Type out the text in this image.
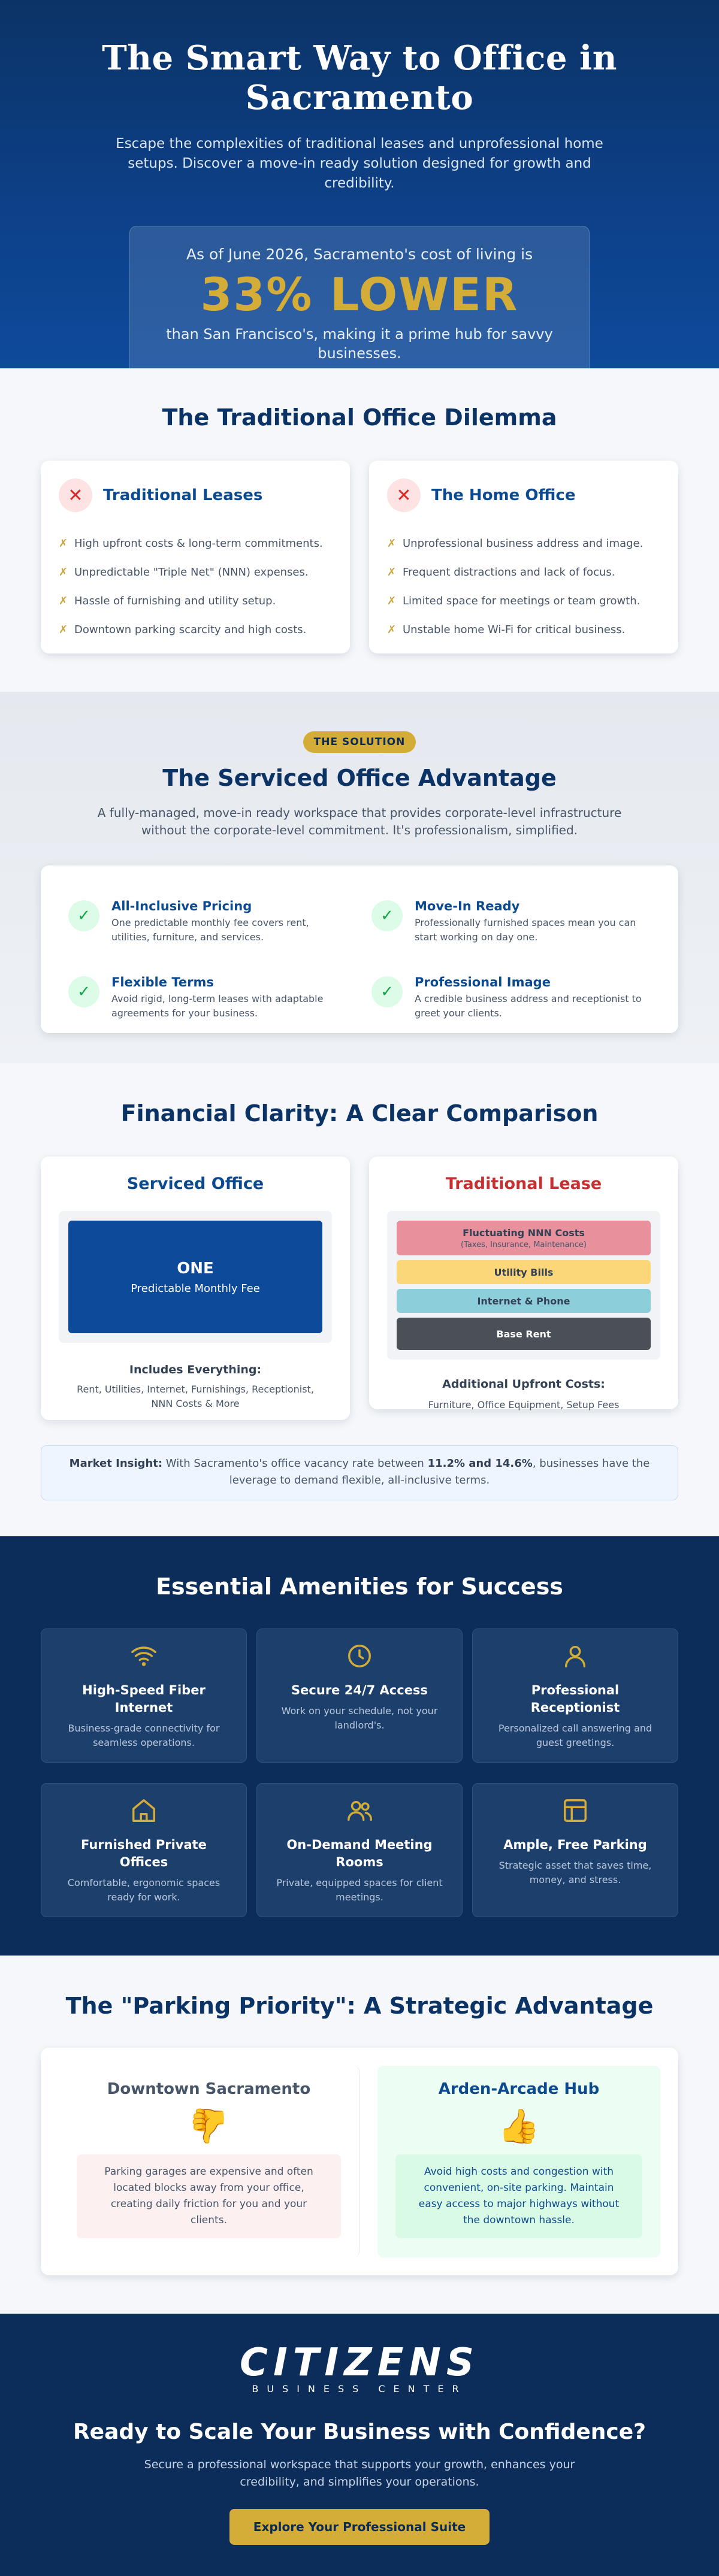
The Smart Way to Office in Sacramento

Escape the complexities of traditional leases and unprofessional home setups. Discover a move-in ready solution designed for growth and credibility.

As of June 2026, Sacramento's cost of living is
33% LOWER
than San Francisco's, making it a prime hub for savvy businesses.
The Traditional Office Dilemma
✕	Traditional Leases
✗ High upfront costs & long-term commitments.
✗ Unpredictable "Triple Net" (NNN) expenses.
✗ Hassle of furnishing and utility setup.
✗ Downtown parking scarcity and high costs.
✕	The Home Office
✗ Unprofessional business address and image.
✗ Frequent distractions and lack of focus.
✗ Limited space for meetings or team growth.
✗ Unstable home Wi-Fi for critical business.
THE SOLUTION
The Serviced Office Advantage

A fully-managed, move-in ready workspace that provides corporate-level infrastructure without the corporate-level commitment. It's professionalism, simplified.

✓
All-Inclusive Pricing

One predictable monthly fee covers rent, utilities, furniture, and services.

✓
Move-In Ready

Professionally furnished spaces mean you can start working on day one.

✓
Flexible Terms

Avoid rigid, long-term leases with adaptable agreements for your business.

✓
Professional Image

A credible business address and receptionist to greet your clients.

Financial Clarity: A Clear Comparison
Serviced Office
ONE
Predictable Monthly Fee
Includes Everything:
Rent, Utilities, Internet, Furnishings, Receptionist, NNN Costs & More
Traditional Lease
Fluctuating NNN Costs
(Taxes, Insurance, Maintenance)
Utility Bills
Internet & Phone
Base Rent
Additional Upfront Costs:
Furniture, Office Equipment, Setup Fees
Market Insight: With Sacramento's office vacancy rate between 11.2% and 14.6%, businesses have the leverage to demand flexible, all-inclusive terms.
Essential Amenities for Success
High-Speed Fiber Internet

Business-grade connectivity for seamless operations.

Secure 24/7 Access

Work on your schedule, not your landlord's.

Professional Receptionist

Personalized call answering and guest greetings.

Furnished Private Offices

Comfortable, ergonomic spaces ready for work.

On-Demand Meeting Rooms

Private, equipped spaces for client meetings.

Ample, Free Parking

Strategic asset that saves time, money, and stress.

The "Parking Priority": A Strategic Advantage
Downtown Sacramento
👍
Parking garages are expensive and often located blocks away from your office, creating daily friction for you and your clients.
Arden-Arcade Hub
👍
Avoid high costs and congestion with convenient, on-site parking. Maintain easy access to major highways without the downtown hassle.
CITIZENS
BUSINESS CENTER
Ready to Scale Your Business with Confidence?

Secure a professional workspace that supports your growth, enhances your credibility, and simplifies your operations.

Explore Your Professional Suite
